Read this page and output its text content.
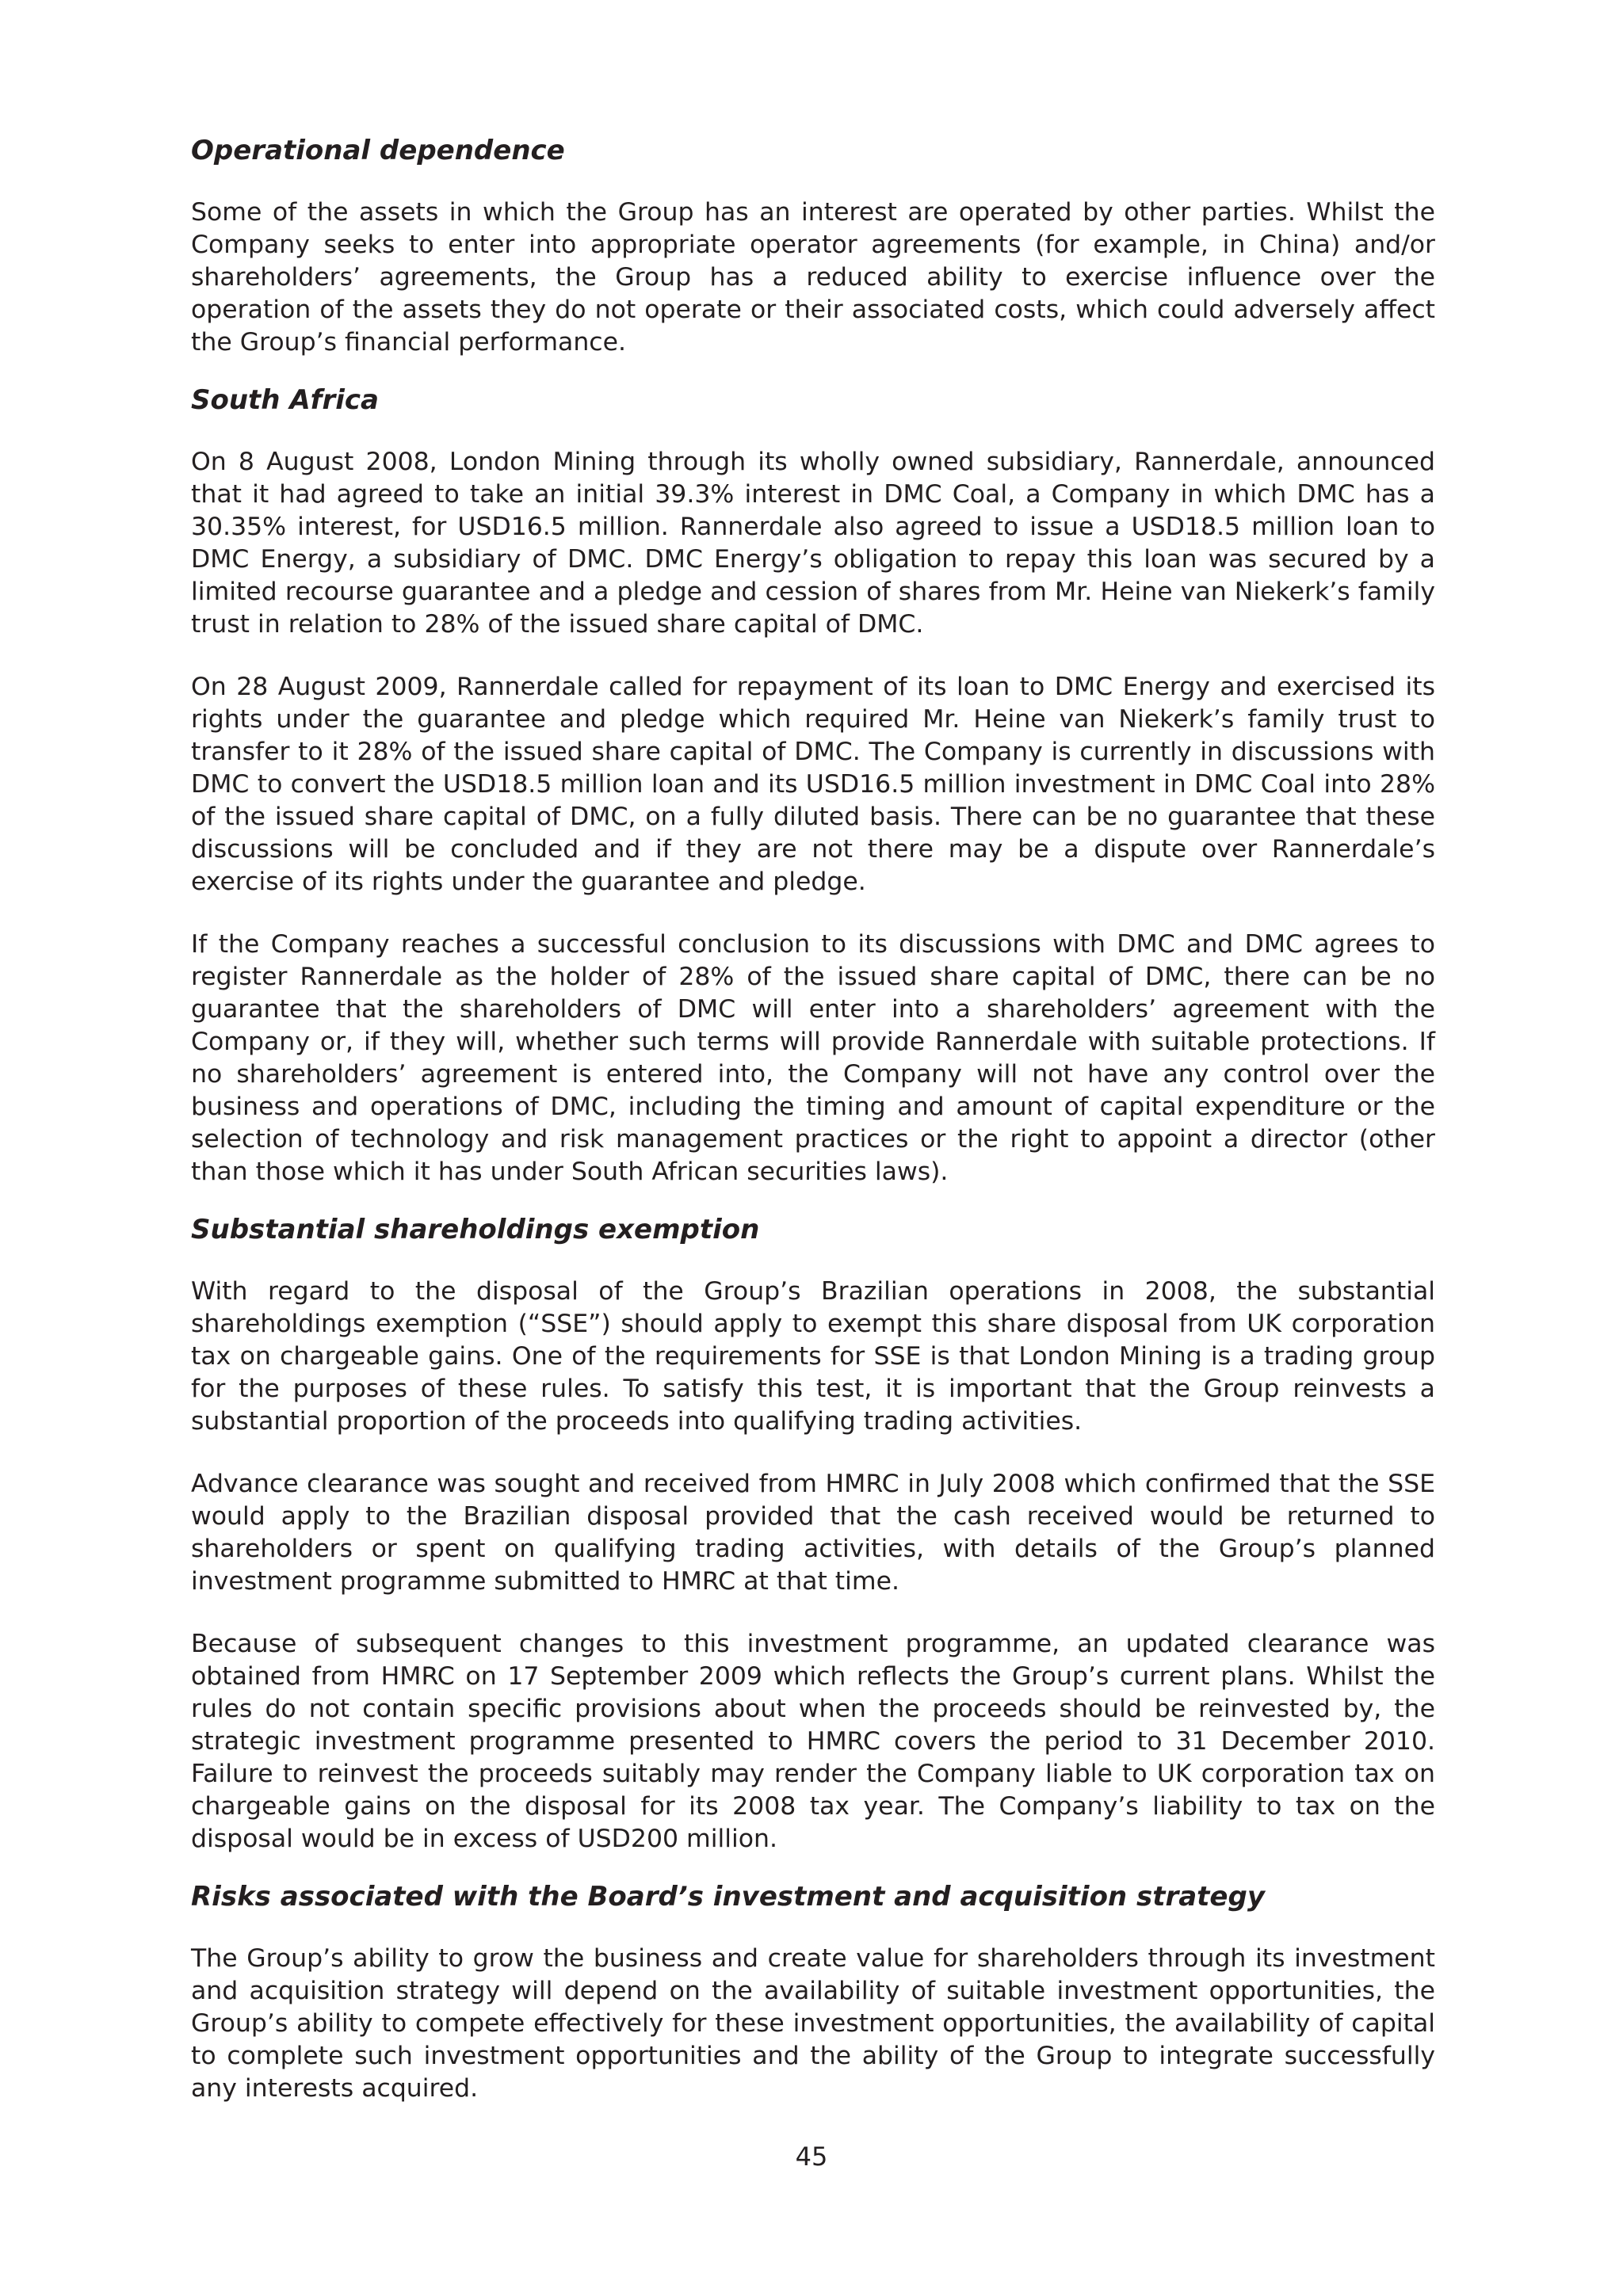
Operational dependence

Some of the assets in which the Group has an interest are operated by other parties. Whilst the Company seeks to enter into appropriate operator agreements (for example, in China) and/or shareholders’ agreements, the Group has a reduced ability to exercise influence over the operation of the assets they do not operate or their associated costs, which could adversely affect the Group’s financial performance.

South Africa

On 8 August 2008, London Mining through its wholly owned subsidiary, Rannerdale, announced that it had agreed to take an initial 39.3% interest in DMC Coal, a Company in which DMC has a 30.35% interest, for USD16.5 million. Rannerdale also agreed to issue a USD18.5 million loan to DMC Energy, a subsidiary of DMC. DMC Energy’s obligation to repay this loan was secured by a limited recourse guarantee and a pledge and cession of shares from Mr. Heine van Niekerk’s family trust in relation to 28% of the issued share capital of DMC.

On 28 August 2009, Rannerdale called for repayment of its loan to DMC Energy and exercised its rights under the guarantee and pledge which required Mr. Heine van Niekerk’s family trust to transfer to it 28% of the issued share capital of DMC. The Company is currently in discussions with DMC to convert the USD18.5 million loan and its USD16.5 million investment in DMC Coal into 28% of the issued share capital of DMC, on a fully diluted basis. There can be no guarantee that these discussions will be concluded and if they are not there may be a dispute over Rannerdale’s exercise of its rights under the guarantee and pledge.

If the Company reaches a successful conclusion to its discussions with DMC and DMC agrees to register Rannerdale as the holder of 28% of the issued share capital of DMC, there can be no guarantee that the shareholders of DMC will enter into a shareholders’ agreement with the Company or, if they will, whether such terms will provide Rannerdale with suitable protections. If no shareholders’ agreement is entered into, the Company will not have any control over the business and operations of DMC, including the timing and amount of capital expenditure or the selection of technology and risk management practices or the right to appoint a director (other than those which it has under South African securities laws).

Substantial shareholdings exemption

With regard to the disposal of the Group’s Brazilian operations in 2008, the substantial shareholdings exemption (“SSE”) should apply to exempt this share disposal from UK corporation tax on chargeable gains. One of the requirements for SSE is that London Mining is a trading group for the purposes of these rules. To satisfy this test, it is important that the Group reinvests a substantial proportion of the proceeds into qualifying trading activities.

Advance clearance was sought and received from HMRC in July 2008 which confirmed that the SSE would apply to the Brazilian disposal provided that the cash received would be returned to shareholders or spent on qualifying trading activities, with details of the Group’s planned investment programme submitted to HMRC at that time.

Because of subsequent changes to this investment programme, an updated clearance was obtained from HMRC on 17 September 2009 which reflects the Group’s current plans. Whilst the rules do not contain specific provisions about when the proceeds should be reinvested by, the strategic investment programme presented to HMRC covers the period to 31 December 2010. Failure to reinvest the proceeds suitably may render the Company liable to UK corporation tax on chargeable gains on the disposal for its 2008 tax year. The Company’s liability to tax on the disposal would be in excess of USD200 million.

Risks associated with the Board’s investment and acquisition strategy

The Group’s ability to grow the business and create value for shareholders through its investment and acquisition strategy will depend on the availability of suitable investment opportunities, the Group’s ability to compete effectively for these investment opportunities, the availability of capital to complete such investment opportunities and the ability of the Group to integrate successfully any interests acquired.

45
